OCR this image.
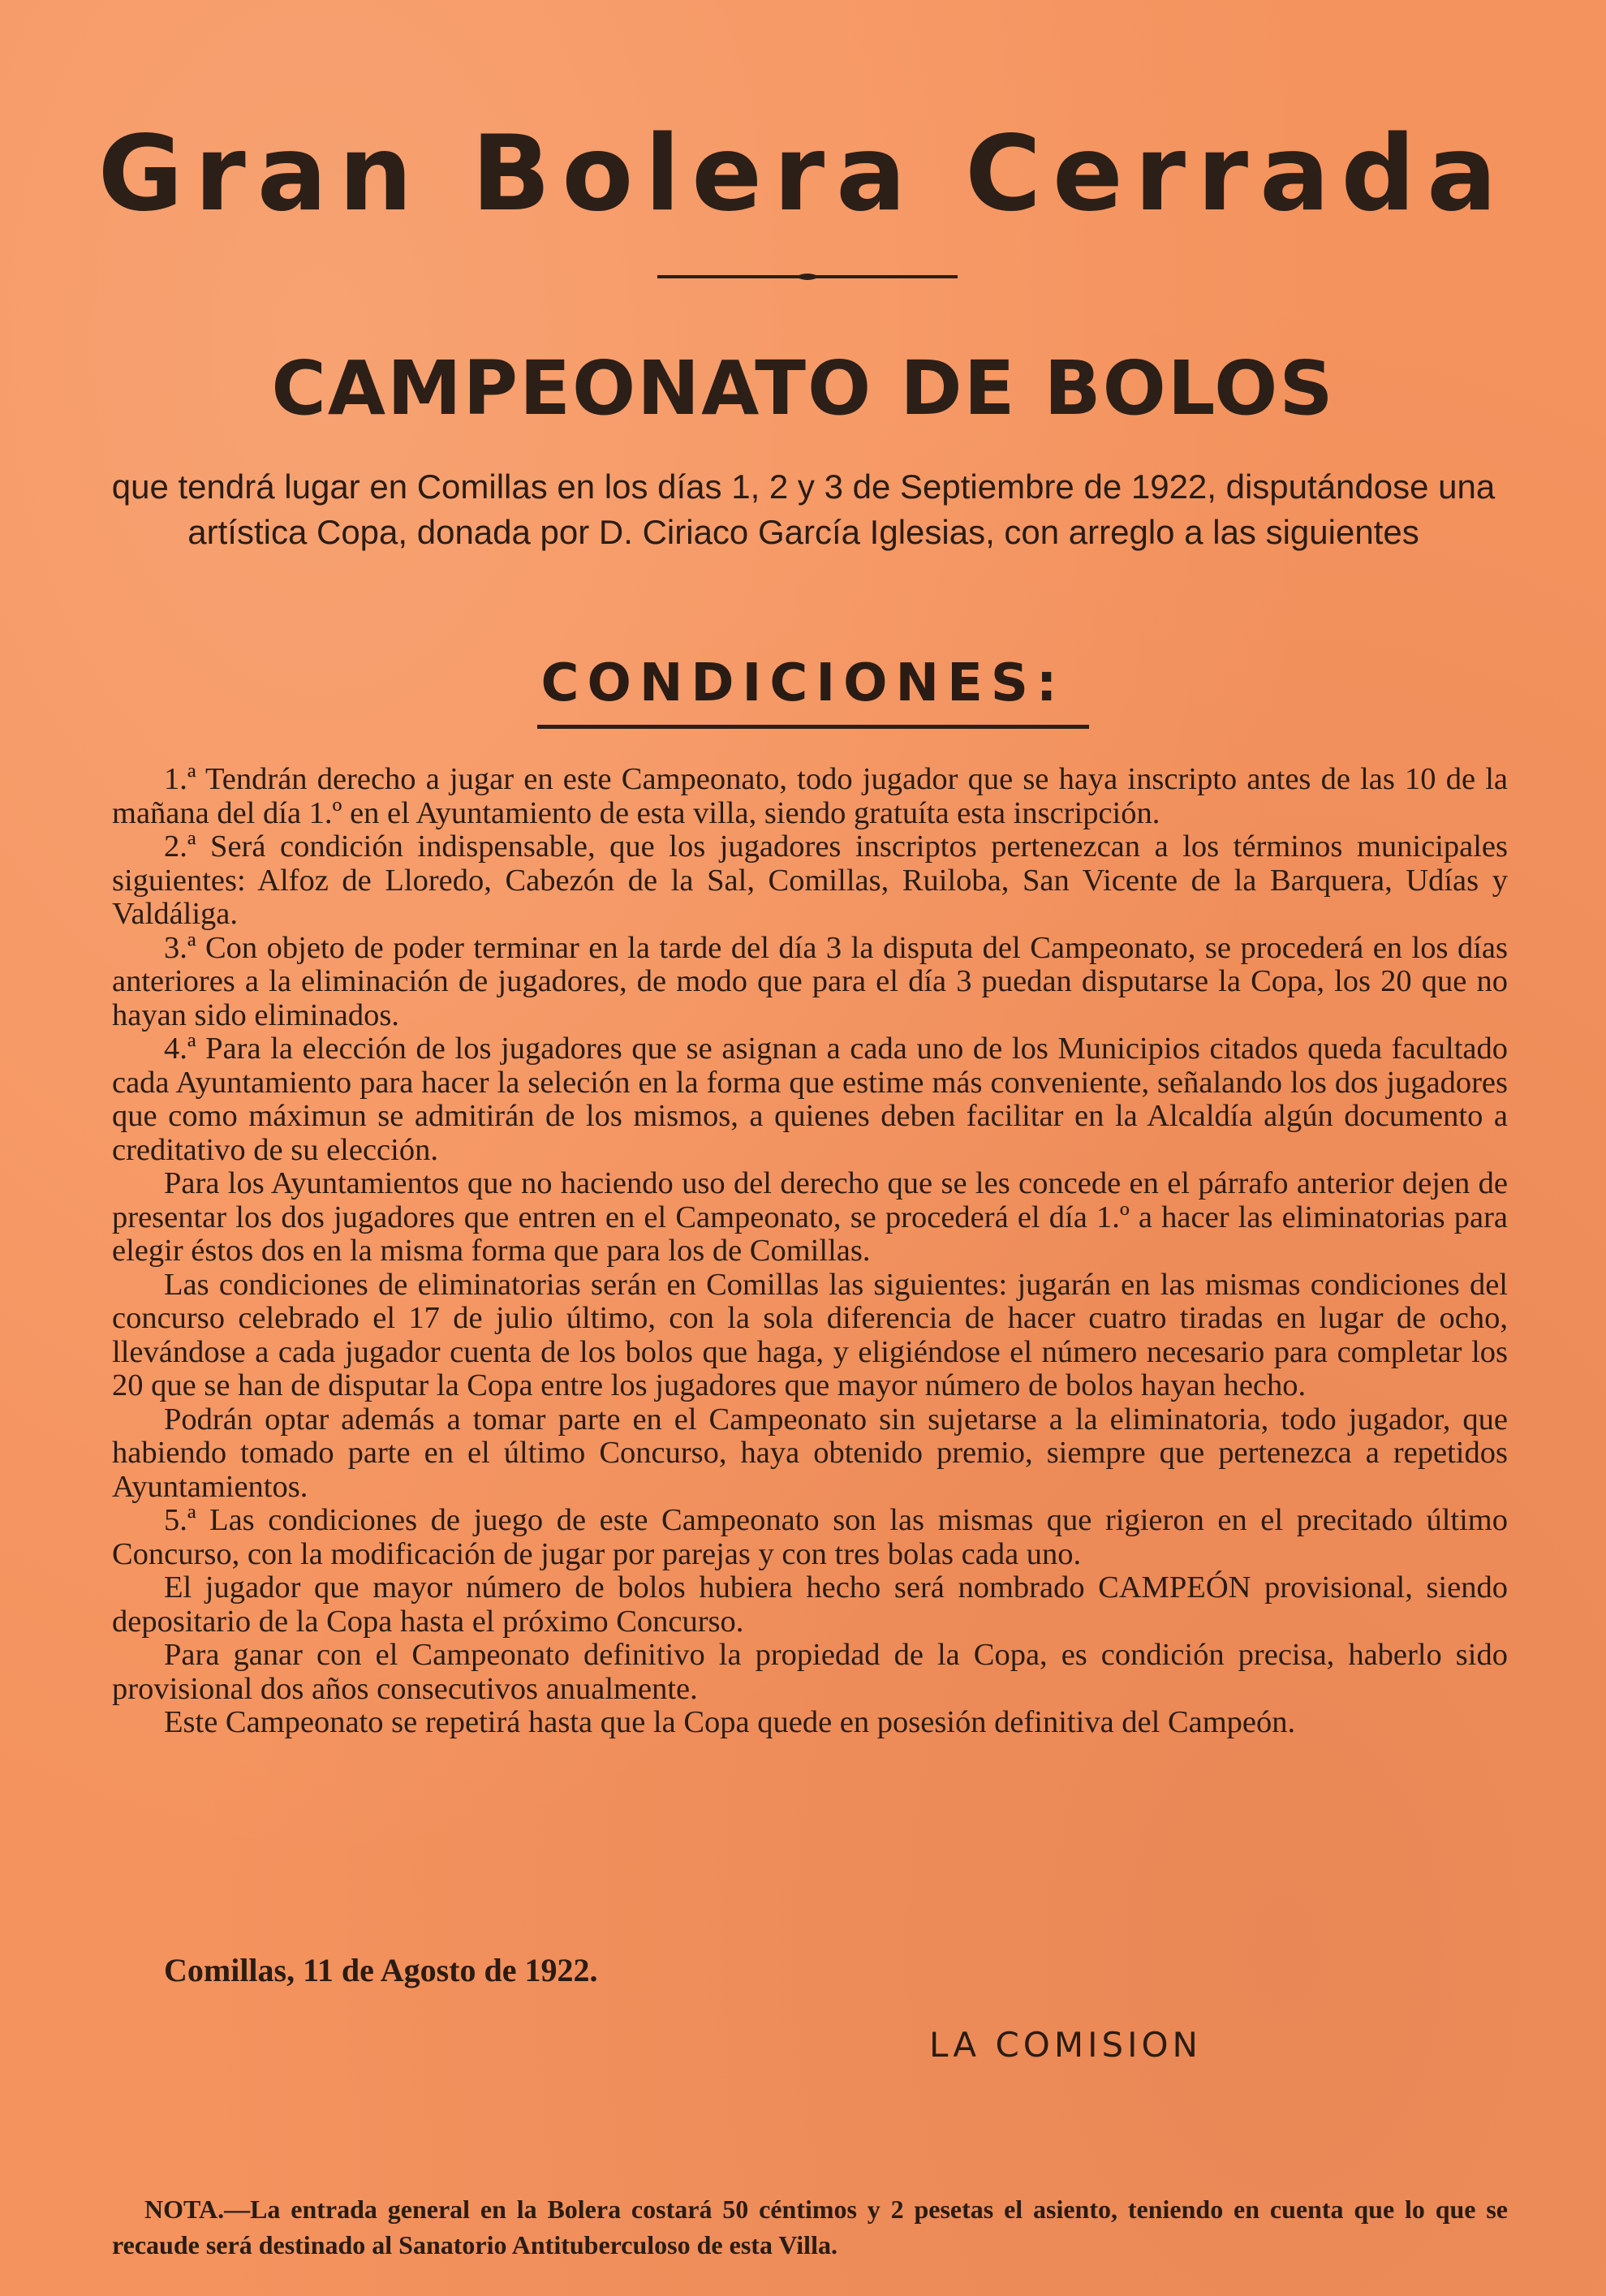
Gran Bolera Cerrada
CAMPEONATO DE BOLOS
que tendrá lugar en Comillas en los días 1, 2 y 3 de Septiembre de 1922, disputándose una artística Copa, donada por D. Ciriaco García Iglesias, con arreglo a las siguientes
CONDICIONES:

1.ª Tendrán derecho a jugar en este Campeonato, todo jugador que se haya inscripto antes de las 10 de la mañana del día 1.º en el Ayuntamiento de esta villa, siendo gratuíta esta inscripción.

2.ª Será condición indispensable, que los jugadores inscriptos pertenezcan a los términos municipales siguientes: Alfoz de Lloredo, Cabezón de la Sal, Comillas, Ruiloba, San Vicente de la Barquera, Udías y Valdáliga.

3.ª Con objeto de poder terminar en la tarde del día 3 la disputa del Campeonato, se procederá en los días anteriores a la eliminación de jugadores, de modo que para el día 3 puedan disputarse la Copa, los 20 que no hayan sido eliminados.

4.ª Para la elección de los jugadores que se asignan a cada uno de los Municipios citados queda facultado cada Ayuntamiento para hacer la seleción en la forma que estime más conveniente, señalando los dos jugadores que como máximun se admitirán de los mismos, a quienes deben facilitar en la Alcaldía algún documento a creditativo de su elección.

Para los Ayuntamientos que no haciendo uso del derecho que se les concede en el párrafo anterior dejen de presentar los dos jugadores que entren en el Campeonato, se procederá el día 1.º a hacer las eliminatorias para elegir éstos dos en la misma forma que para los de Comillas.

Las condiciones de eliminatorias serán en Comillas las siguientes: jugarán en las mismas condiciones del concurso celebrado el 17 de julio último, con la sola diferencia de hacer cuatro tiradas en lugar de ocho, llevándose a cada jugador cuenta de los bolos que haga, y eligiéndose el número necesario para completar los 20 que se han de disputar la Copa entre los jugadores que mayor número de bolos hayan hecho.

Podrán optar además a tomar parte en el Campeonato sin sujetarse a la eliminatoria, todo jugador, que habiendo tomado parte en el último Concurso, haya obtenido premio, siempre que pertenezca a repetidos Ayuntamientos.

5.ª Las condiciones de juego de este Campeonato son las mismas que rigieron en el precitado último Concurso, con la modificación de jugar por parejas y con tres bolas cada uno.

El jugador que mayor número de bolos hubiera hecho será nombrado CAMPEÓN provisional, siendo depositario de la Copa hasta el próximo Concurso.

Para ganar con el Campeonato definitivo la propiedad de la Copa, es condición precisa, haberlo sido provisional dos años consecutivos anualmente.

Este Campeonato se repetirá hasta que la Copa quede en posesión definitiva del Campeón.

Comillas, 11 de Agosto de 1922.
LA COMISION
NOTA.—La entrada general en la Bolera costará 50 céntimos y 2 pesetas el asiento, teniendo en cuenta que lo que se recaude será destinado al Sanatorio Antituberculoso de esta Villa.
